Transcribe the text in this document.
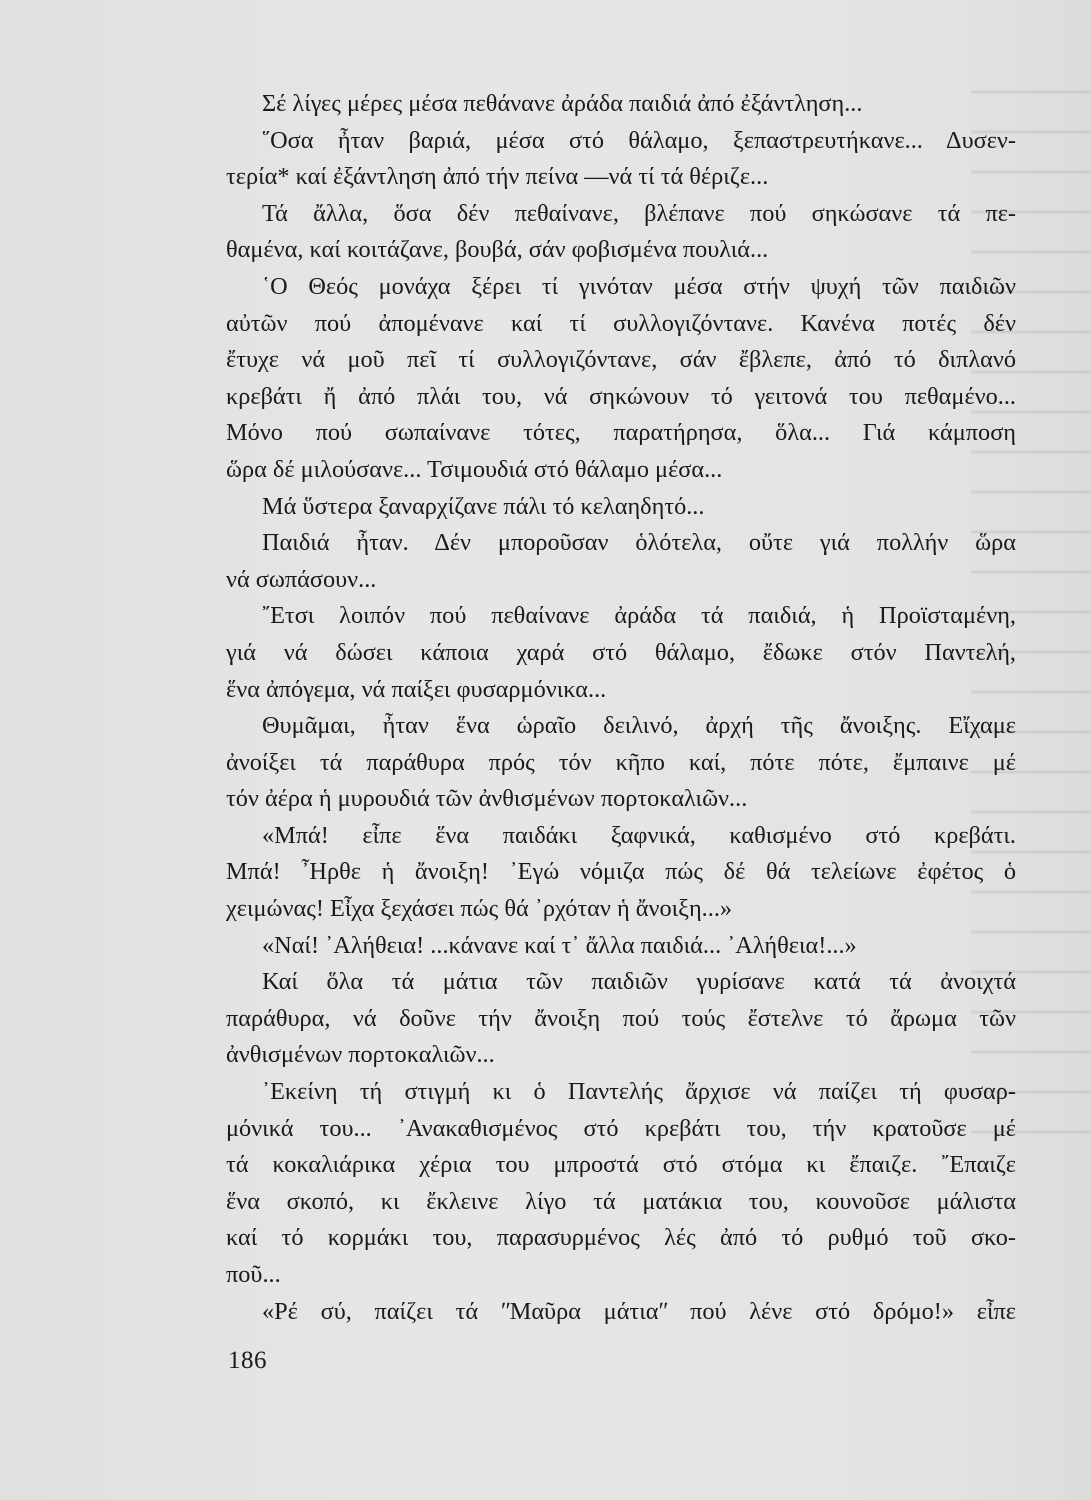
Σέ λίγες μέρες μέσα πεθάνανε ἀράδα παιδιά ἀπό ἐξάντληση...
῞Οσα ἦταν βαριά, μέσα στό θάλαμο, ξεπαστρευτήκανε... Δυσεν-
τερία* καί ἐξάντληση ἀπό τήν πείνα —νά τί τά θέριζε...
Τά ἄλλα, ὅσα δέν πεθαίνανε, βλέπανε πού σηκώσανε τά πε-
θαμένα, καί κοιτάζανε, βουβά, σάν φοβισμένα πουλιά...
῾Ο Θεός μονάχα ξέρει τί γινόταν μέσα στήν ψυχή τῶν παιδιῶν
αὐτῶν πού ἀπομένανε καί τί συλλογιζόντανε. Κανένα ποτές δέν
ἔτυχε νά μοῦ πεῖ τί συλλογιζόντανε, σάν ἔβλεπε, ἀπό τό διπλανό
κρεβάτι ἤ ἀπό πλάι του, νά σηκώνουν τό γειτονά του πεθαμένο...
Μόνο πού σωπαίνανε τότες, παρατήρησα, ὅλα... Γιά κάμποση
ὥρα δέ μιλούσανε... Τσιμουδιά στό θάλαμο μέσα...
Μά ὕστερα ξαναρχίζανε πάλι τό κελαηδητό...
Παιδιά ἦταν. Δέν μποροῦσαν ὁλότελα, οὔτε γιά πολλήν ὥρα
νά σωπάσουν...
῎Ετσι λοιπόν πού πεθαίνανε ἀράδα τά παιδιά, ἡ Προϊσταμένη,
γιά νά δώσει κάποια χαρά στό θάλαμο, ἔδωκε στόν Παντελή,
ἕνα ἀπόγεμα, νά παίξει φυσαρμόνικα...
Θυμᾶμαι, ἦταν ἕνα ὡραῖο δειλινό, ἀρχή τῆς ἄνοιξης. Εἴχαμε
ἀνοίξει τά παράθυρα πρός τόν κῆπο καί, πότε πότε, ἔμπαινε μέ
τόν ἀέρα ἡ μυρουδιά τῶν ἀνθισμένων πορτοκαλιῶν...
«Μπά! εἶπε ἕνα παιδάκι ξαφνικά, καθισμένο στό κρεβάτι.
Μπά! ῏Ηρθε ἡ ἄνοιξη! ᾿Εγώ νόμιζα πώς δέ θά τελείωνε ἐφέτος ὁ
χειμώνας! Εἶχα ξεχάσει πώς θά ᾿ρχόταν ἡ ἄνοιξη...»
«Ναί! ᾿Αλήθεια! ...κάνανε καί τ᾿ ἄλλα παιδιά... ᾿Αλήθεια!...»
Καί ὅλα τά μάτια τῶν παιδιῶν γυρίσανε κατά τά ἀνοιχτά
παράθυρα, νά δοῦνε τήν ἄνοιξη πού τούς ἔστελνε τό ἄρωμα τῶν
ἀνθισμένων πορτοκαλιῶν...
᾿Εκείνη τή στιγμή κι ὁ Παντελής ἄρχισε νά παίζει τή φυσαρ-
μόνικά του... ᾿Ανακαθισμένος στό κρεβάτι του, τήν κρατοῦσε μέ
τά κοκαλιάρικα χέρια του μπροστά στό στόμα κι ἔπαιζε. ῎Επαιζε
ἕνα σκοπό, κι ἔκλεινε λίγο τά ματάκια του, κουνοῦσε μάλιστα
καί τό κορμάκι του, παρασυρμένος λές ἀπό τό ρυθμό τοῦ σκο-
ποῦ...
«Ρέ σύ, παίζει τά ʺΜαῦρα μάτιαʺ πού λένε στό δρόμο!» εἶπε
186
